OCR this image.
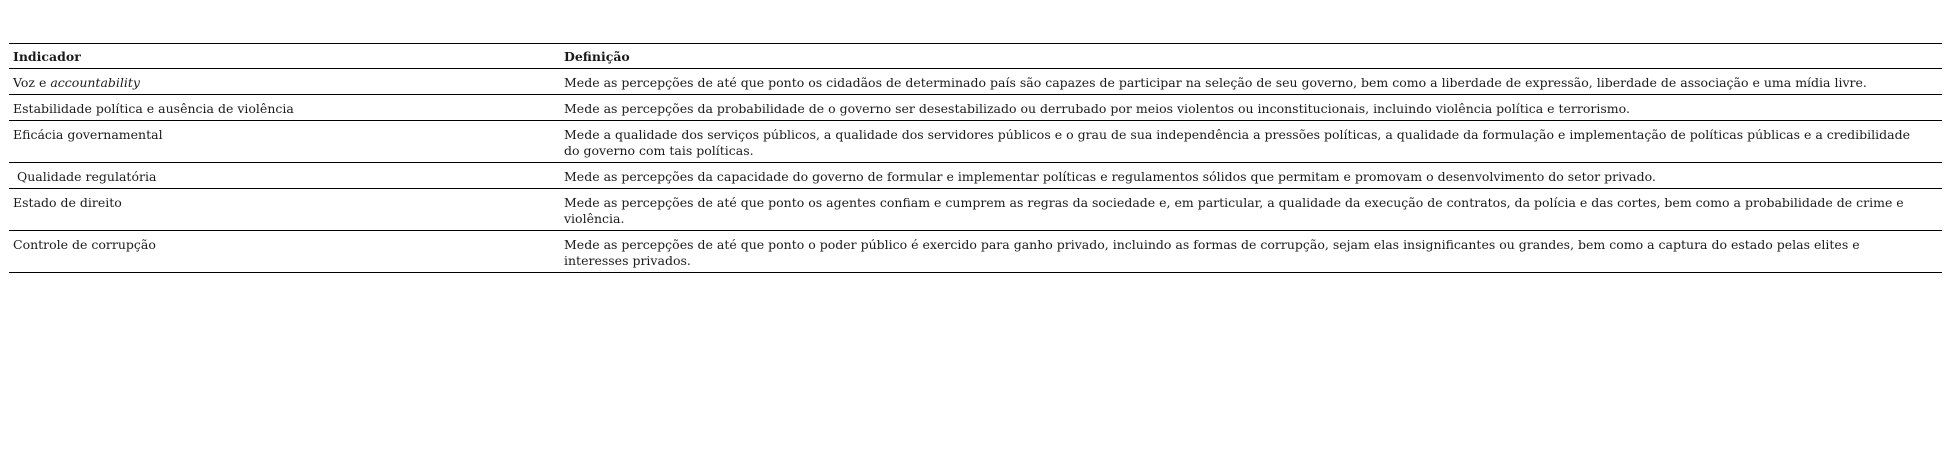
Indicador	Definição
Voz e accountability	Mede as percepções de até que ponto os cidadãos de determinado país são capazes de participar na seleção de seu governo, bem como a liberdade de expressão, liberdade de associação e uma mídia livre.
Estabilidade política e ausência de violência	Mede as percepções da probabilidade de o governo ser desestabilizado ou derrubado por meios violentos ou inconstitucionais, incluindo violência política e terrorismo.
Eficácia governamental	Mede a qualidade dos serviços públicos, a qualidade dos servidores públicos e o grau de sua independência a pressões políticas, a qualidade da formulação e implementação de políticas públicas e a credibilidade do governo com tais políticas.
Qualidade regulatória	Mede as percepções da capacidade do governo de formular e implementar políticas e regulamentos sólidos que permitam e promovam o desenvolvimento do setor privado.
Estado de direito	Mede as percepções de até que ponto os agentes confiam e cumprem as regras da sociedade e, em particular, a qualidade da execução de contratos, da polícia e das cortes, bem como a probabilidade de crime e violência.
Controle de corrupção	Mede as percepções de até que ponto o poder público é exercido para ganho privado, incluindo as formas de corrupção, sejam elas insignificantes ou grandes, bem como a captura do estado pelas elites e interesses privados.
